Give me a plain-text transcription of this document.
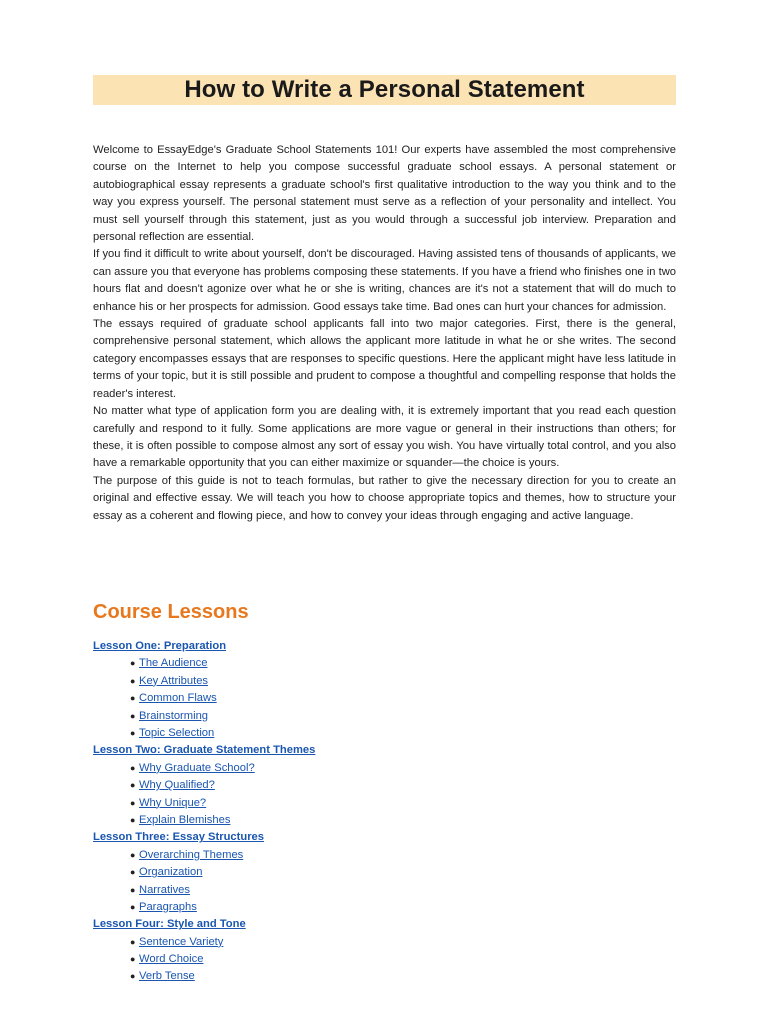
How to Write a Personal Statement

Welcome to EssayEdge's Graduate School Statements 101! Our experts have assembled the most comprehensive course on the Internet to help you compose successful graduate school essays. A personal statement or autobiographical essay represents a graduate school's first qualitative introduction to the way you think and to the way you express yourself. The personal statement must serve as a reflection of your personality and intellect. You must sell yourself through this statement, just as you would through a successful job interview. Preparation and personal reflection are essential.

If you find it difficult to write about yourself, don't be discouraged. Having assisted tens of thousands of applicants, we can assure you that everyone has problems composing these statements. If you have a friend who finishes one in two hours flat and doesn't agonize over what he or she is writing, chances are it's not a statement that will do much to enhance his or her prospects for admission. Good essays take time. Bad ones can hurt your chances for admission.

The essays required of graduate school applicants fall into two major categories. First, there is the general, comprehensive personal statement, which allows the applicant more latitude in what he or she writes. The second category encompasses essays that are responses to specific questions. Here the applicant might have less latitude in terms of your topic, but it is still possible and prudent to compose a thoughtful and compelling response that holds the reader's interest.

No matter what type of application form you are dealing with, it is extremely important that you read each question carefully and respond to it fully. Some applications are more vague or general in their instructions than others; for these, it is often possible to compose almost any sort of essay you wish. You have virtually total control, and you also have a remarkable opportunity that you can either maximize or squander—the choice is yours.

The purpose of this guide is not to teach formulas, but rather to give the necessary direction for you to create an original and effective essay. We will teach you how to choose appropriate topics and themes, how to structure your essay as a coherent and flowing piece, and how to convey your ideas through engaging and active language.

Course Lessons
Lesson One: Preparation
● The Audience
● Key Attributes
● Common Flaws
● Brainstorming
● Topic Selection
Lesson Two: Graduate Statement Themes
● Why Graduate School?
● Why Qualified?
● Why Unique?
● Explain Blemishes
Lesson Three: Essay Structures
● Overarching Themes
● Organization
● Narratives
● Paragraphs
Lesson Four: Style and Tone
● Sentence Variety
● Word Choice
● Verb Tense
